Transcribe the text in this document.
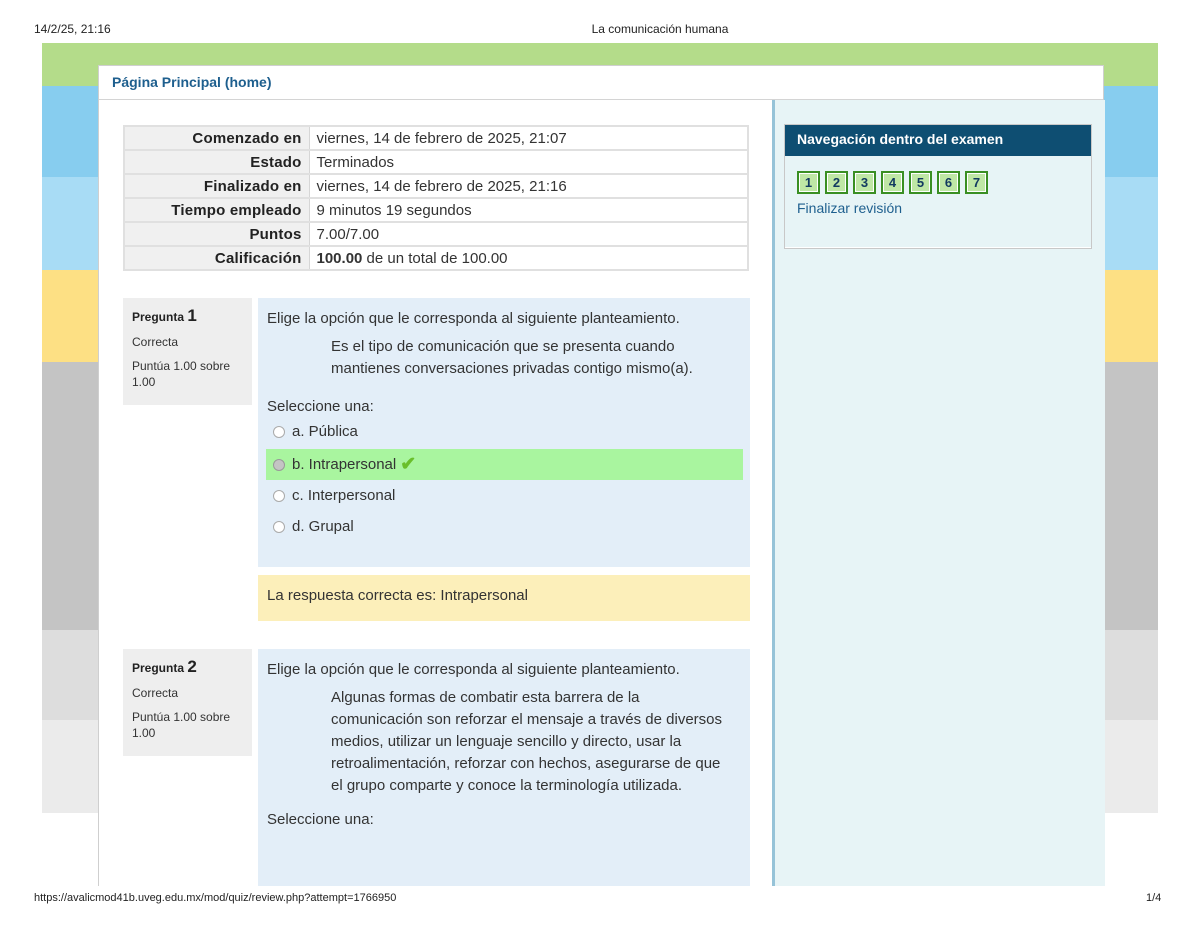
14/2/25, 21:16	La comunicación humana
Página Principal (home)
Comenzado en	viernes, 14 de febrero de 2025, 21:07
Estado	Terminados
Finalizado en	viernes, 14 de febrero de 2025, 21:16
Tiempo empleado	9 minutos 19 segundos
Puntos	7.00/7.00
Calificación	100.00 de un total de 100.00
Pregunta 1
Correcta
Puntúa 1.00 sobre 1.00
Elige la opción que le corresponda al siguiente planteamiento.
Es el tipo de comunicación que se presenta cuando mantienes conversaciones privadas contigo mismo(a).
Seleccione una:
a. Pública
b. Intrapersonal ✔
c. Interpersonal
d. Grupal
La respuesta correcta es: Intrapersonal
Pregunta 2
Correcta
Puntúa 1.00 sobre 1.00
Elige la opción que le corresponda al siguiente planteamiento.
Algunas formas de combatir esta barrera de la comunicación son reforzar el mensaje a través de diversos medios, utilizar un lenguaje sencillo y directo, usar la retroalimentación, reforzar con hechos, asegurarse de que el grupo comparte y conoce la terminología utilizada.
Seleccione una:
Navegación dentro del examen
1	2	3	4	5	6	7
Finalizar revisión
https://avalicmod41b.uveg.edu.mx/mod/quiz/review.php?attempt=1766950	1/4
